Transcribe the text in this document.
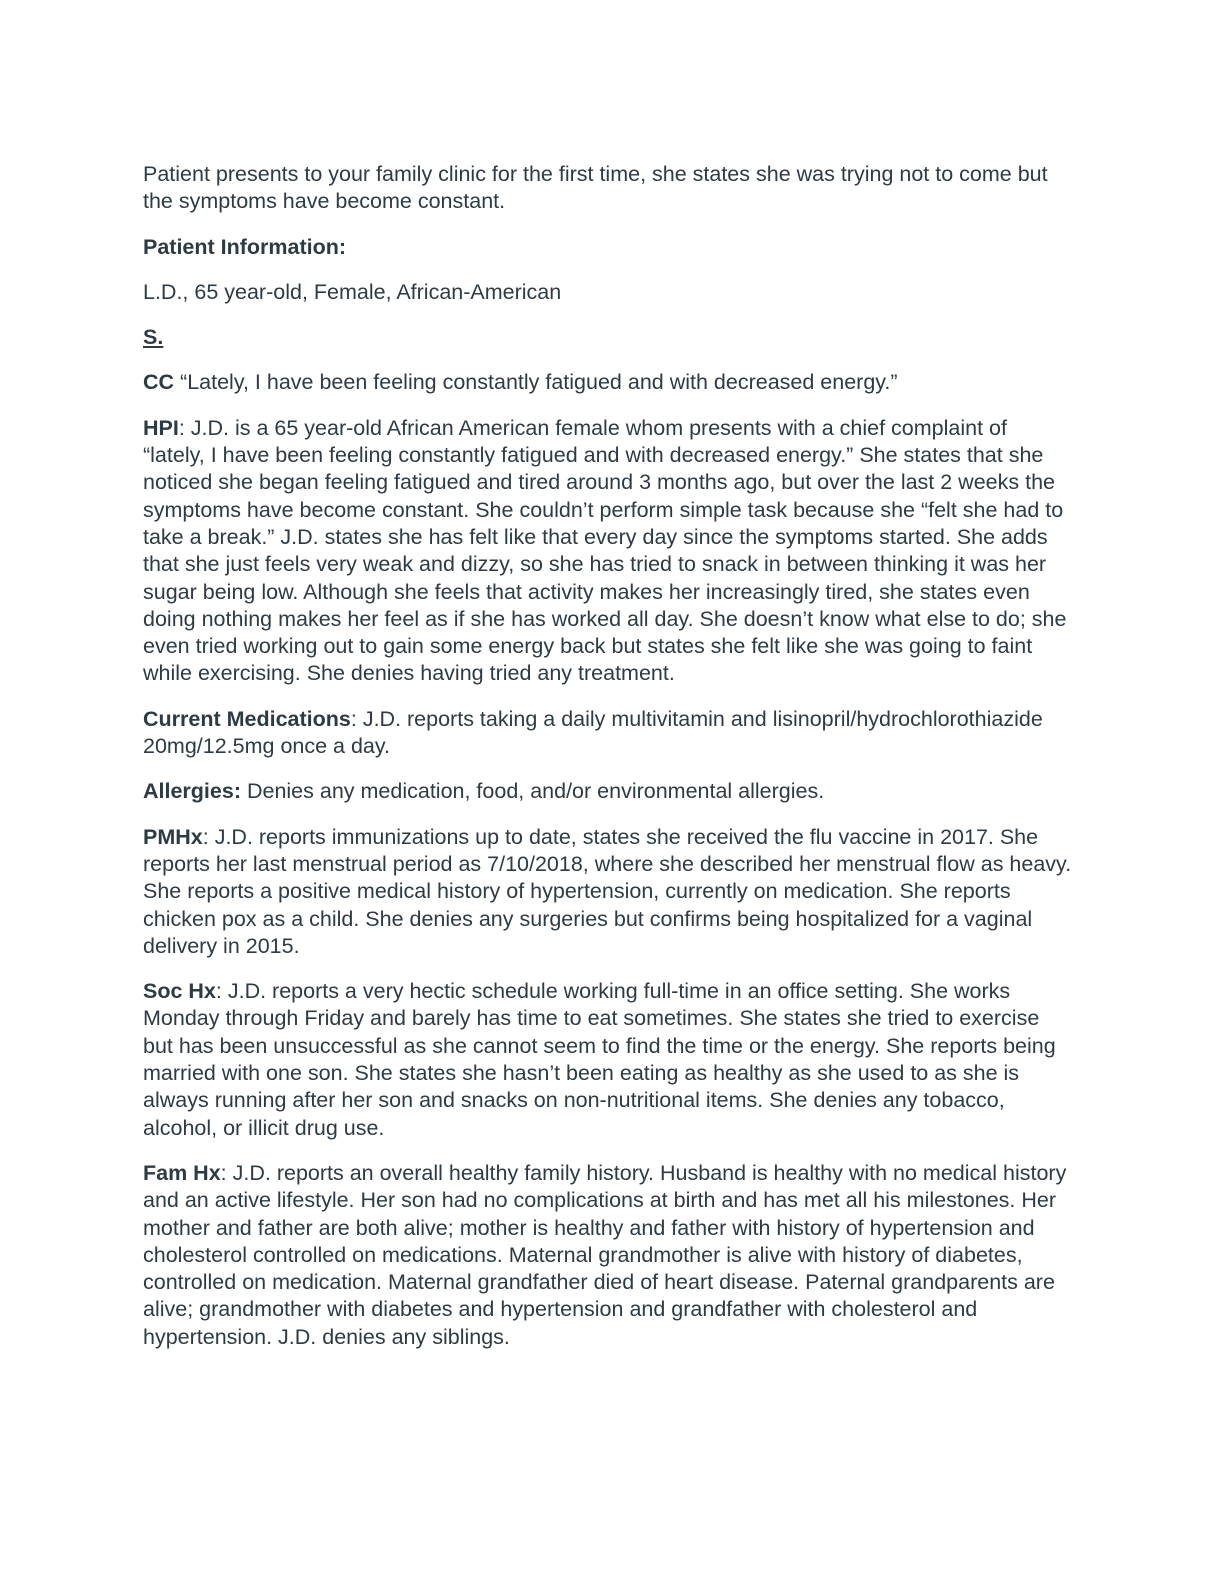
Patient presents to your family clinic for the first time, she states she was trying not to come but the symptoms have become constant.

Patient Information:

L.D., 65 year-old, Female, African-American

S.

CC “Lately, I have been feeling constantly fatigued and with decreased energy.”

HPI: J.D. is a 65 year-old African American female whom presents with a chief complaint of “lately, I have been feeling constantly fatigued and with decreased energy.” She states that she noticed she began feeling fatigued and tired around 3 months ago, but over the last 2 weeks the symptoms have become constant. She couldn’t perform simple task because she “felt she had to take a break.” J.D. states she has felt like that every day since the symptoms started. She adds that she just feels very weak and dizzy, so she has tried to snack in between thinking it was her sugar being low. Although she feels that activity makes her increasingly tired, she states even doing nothing makes her feel as if she has worked all day. She doesn’t know what else to do; she even tried working out to gain some energy back but states she felt like she was going to faint while exercising. She denies having tried any treatment.

Current Medications: J.D. reports taking a daily multivitamin and lisinopril/hydrochlorothiazide 20mg/12.5mg once a day.

Allergies: Denies any medication, food, and/or environmental allergies.

PMHx: J.D. reports immunizations up to date, states she received the flu vaccine in 2017. She reports her last menstrual period as 7/10/2018, where she described her menstrual flow as heavy. She reports a positive medical history of hypertension, currently on medication. She reports chicken pox as a child. She denies any surgeries but confirms being hospitalized for a vaginal delivery in 2015.

Soc Hx: J.D. reports a very hectic schedule working full-time in an office setting. She works Monday through Friday and barely has time to eat sometimes. She states she tried to exercise but has been unsuccessful as she cannot seem to find the time or the energy. She reports being married with one son. She states she hasn’t been eating as healthy as she used to as she is always running after her son and snacks on non-nutritional items. She denies any tobacco, alcohol, or illicit drug use.

Fam Hx: J.D. reports an overall healthy family history. Husband is healthy with no medical history and an active lifestyle. Her son had no complications at birth and has met all his milestones. Her mother and father are both alive; mother is healthy and father with history of hypertension and cholesterol controlled on medications. Maternal grandmother is alive with history of diabetes, controlled on medication. Maternal grandfather died of heart disease. Paternal grandparents are alive; grandmother with diabetes and hypertension and grandfather with cholesterol and hypertension. J.D. denies any siblings.
